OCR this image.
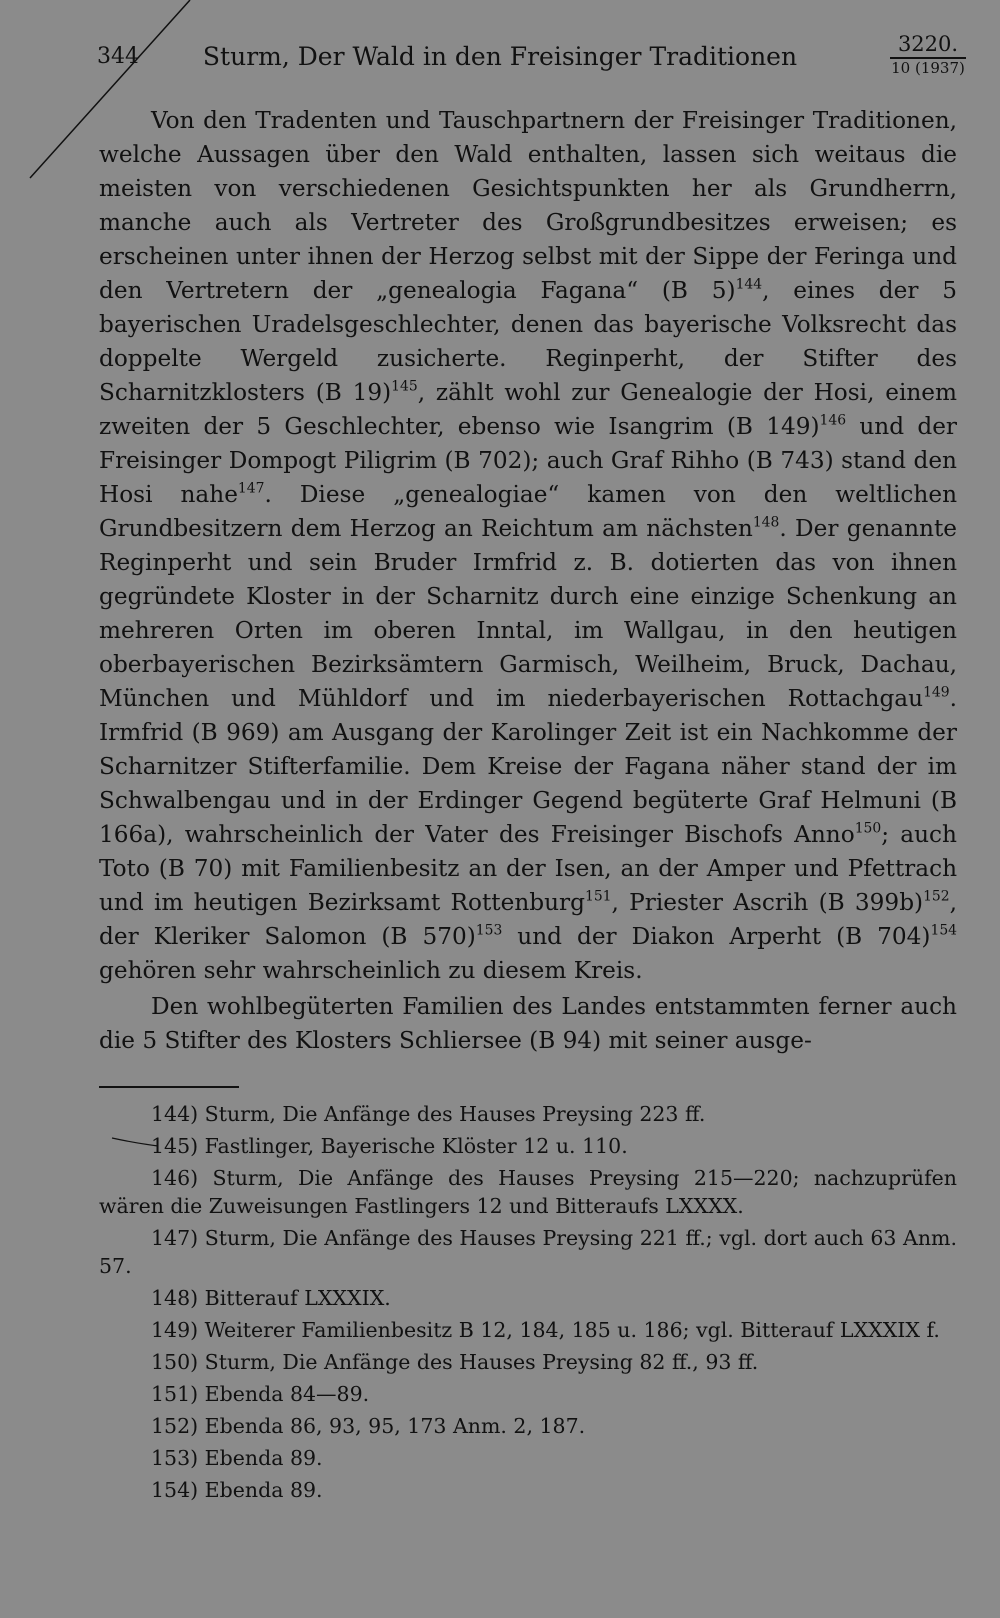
344	Sturm, Der Wald in den Freisinger Traditionen	3220.
10 (1937)

Von den Tradenten und Tauschpartnern der Freisinger Traditionen, welche Aussagen über den Wald enthalten, lassen sich weitaus die meisten von verschiedenen Gesichtspunkten her als Grundherrn, manche auch als Vertreter des Großgrundbesitzes erweisen; es erscheinen unter ihnen der Herzog selbst mit der Sippe der Feringa und den Vertretern der „genealogia Fagana“ (B 5)$^{144}$, eines der 5 bayerischen Uradelsgeschlechter, denen das bayerische Volksrecht das doppelte Wergeld zusicherte. Reginperht, der Stifter des Scharnitzklosters (B 19)$^{145}$, zählt wohl zur Genealogie der Hosi, einem zweiten der 5 Geschlechter, ebenso wie Isangrim (B 149)$^{146}$ und der Freisinger Dompogt Piligrim (B 702); auch Graf Rihho (B 743) stand den Hosi nahe$^{147}$. Diese „genealogiae“ kamen von den weltlichen Grundbesitzern dem Herzog an Reichtum am nächsten$^{148}$. Der genannte Reginperht und sein Bruder Irmfrid z. B. dotierten das von ihnen gegründete Kloster in der Scharnitz durch eine einzige Schenkung an mehreren Orten im oberen Inntal, im Wallgau, in den heutigen oberbayerischen Bezirksämtern Garmisch, Weilheim, Bruck, Dachau, München und Mühldorf und im niederbayerischen Rottachgau$^{149}$. Irmfrid (B 969) am Ausgang der Karolinger Zeit ist ein Nachkomme der Scharnitzer Stifterfamilie. Dem Kreise der Fagana näher stand der im Schwalbengau und in der Erdinger Gegend begüterte Graf Helmuni (B 166a), wahrscheinlich der Vater des Freisinger Bischofs Anno$^{150}$; auch Toto (B 70) mit Familienbesitz an der Isen, an der Amper und Pfettrach und im heutigen Bezirksamt Rottenburg$^{151}$, Priester Ascrih (B 399b)$^{152}$, der Kleriker Salomon (B 570)$^{153}$ und der Diakon Arperht (B 704)$^{154}$ gehören sehr wahrscheinlich zu diesem Kreis.

Den wohlbegüterten Familien des Landes entstammten ferner auch die 5 Stifter des Klosters Schliersee (B 94) mit seiner ausge-

144) Sturm, Die Anfänge des Hauses Preysing 223 ff.
145) Fastlinger, Bayerische Klöster 12 u. 110.
146) Sturm, Die Anfänge des Hauses Preysing 215—220; nachzuprüfen wären die Zuweisungen Fastlingers 12 und Bitteraufs LXXXX.
147) Sturm, Die Anfänge des Hauses Preysing 221 ff.; vgl. dort auch 63 Anm. 57.
148) Bitterauf LXXXIX.
149) Weiterer Familienbesitz B 12, 184, 185 u. 186; vgl. Bitterauf LXXXIX f.
150) Sturm, Die Anfänge des Hauses Preysing 82 ff., 93 ff.
151) Ebenda 84—89.
152) Ebenda 86, 93, 95, 173 Anm. 2, 187.
153) Ebenda 89.
154) Ebenda 89.
